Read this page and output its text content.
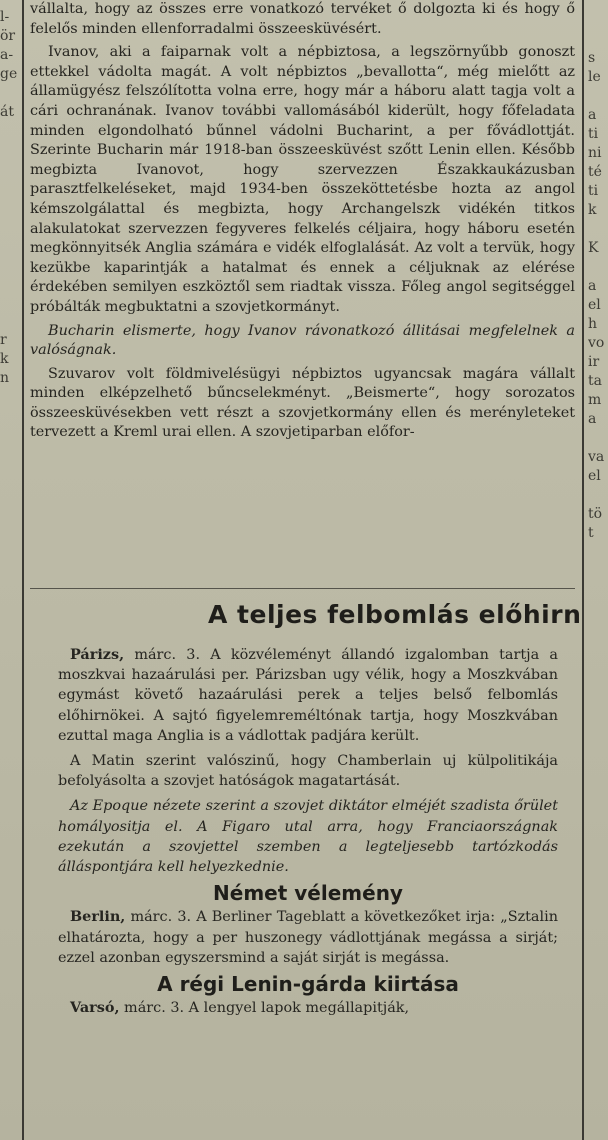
l-
ör
a-
ge
át
r
k
n
s
le
a
ti
ni
té
ti
k
K
a
el
h
vo
ir
ta
m
a
va
el
tö
t

vállalta, hogy az összes erre vonatkozó tervéket ő dolgozta ki és hogy ő felelős minden ellenforradalmi összeesküvésért.

Ivanov, aki a faiparnak volt a népbiztosa, a legszörnyűbb gonoszt ettekkel vádolta magát. A volt népbiztos „bevallotta“, még mielőtt az államügyész felszólította volna erre, hogy már a háboru alatt tagja volt a cári ochranának. Ivanov további vallomásából kiderült, hogy főfeladata minden elgondolható bűnnel vádolni Bucharint, a per fővádlottját. Szerinte Bucharin már 1918-ban összeesküvést szőtt Lenin ellen. Később megbizta Ivanovot, hogy szervezzen Északkaukázusban parasztfelkeléseket, majd 1934-ben összeköttetésbe hozta az angol kémszolgálattal és megbizta, hogy Archangelszk vidékén titkos alakulatokat szervezzen fegyveres felkelés céljaira, hogy háboru esetén megkönnyitsék Anglia számára e vidék elfoglalását. Az volt a tervük, hogy kezükbe kaparintják a hatalmat és ennek a céljuknak az elérése érdekében semilyen eszköztől sem riadtak vissza. Főleg angol segitséggel próbálták megbuktatni a szovjetkormányt.

Bucharin elismerte, hogy Ivanov rávonatkozó állitásai megfelelnek a valóságnak.

Szuvarov volt földmivelésügyi népbiztos ugyancsak magára vállalt minden elképzelhető bűncselekményt. „Beismerte“, hogy sorozatos összeesküvésekben vett részt a szovjetkormány ellen és merényleteket tervezett a Kreml urai ellen. A szovjetiparban előfor-

A teljes felbomlás előhirn

Párizs, márc. 3. A közvéleményt állandó izgalomban tartja a moszkvai hazaárulási per. Párizsban ugy vélik, hogy a Moszkvában egymást követő hazaárulási perek a teljes belső felbomlás előhirnökei. A sajtó figyelemreméltónak tartja, hogy Moszkvában ezuttal maga Anglia is a vádlottak padjára került.

A Matin szerint valószinű, hogy Chamberlain uj külpolitikája befolyásolta a szovjet hatóságok magatartását.

Az Epoque nézete szerint a szovjet diktátor elméjét szadista őrület homályositja el. A Figaro utal arra, hogy Franciaországnak ezekután a szovjettel szemben a legteljesebb tartózkodás álláspontjára kell helyezkednie.

Német vélemény

Berlin, márc. 3. A Berliner Tageblatt a következőket irja: „Sztalin elhatározta, hogy a per huszonegy vádlottjának megássa a sirját; ezzel azonban egyszersmind a saját sirját is megássa.

A régi Lenin-gárda kiirtása

Varsó, márc. 3. A lengyel lapok megállapitják,
